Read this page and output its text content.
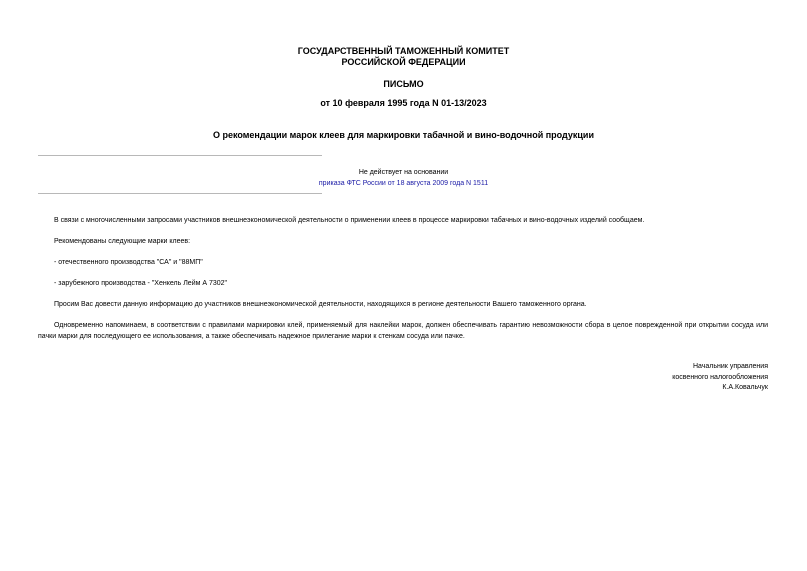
ГОСУДАРСТВЕННЫЙ ТАМОЖЕННЫЙ КОМИТЕТ
РОССИЙСКОЙ ФЕДЕРАЦИИ
ПИСЬМО
от 10 февраля 1995 года N 01-13/2023
О рекомендации марок клеев для маркировки табачной и вино-водочной продукции
Не действует на основании
приказа ФТС России от 18 августа 2009 года N 1511
В связи с многочисленными запросами участников внешнеэкономической деятельности о применении клеев в процессе маркировки табачных и вино-водочных изделий сообщаем.
Рекомендованы следующие марки клеев:
- отечественного производства "СА" и "88МП"
- зарубежного производства - "Хенкель Лейм А 7302"
Просим Вас довести данную информацию до участников внешнеэкономической деятельности, находящихся в регионе деятельности Вашего таможенного органа.
Одновременно напоминаем, в соответствии с правилами маркировки клей, применяемый для наклейки марок, должен обеспечивать гарантию невозможности сбора в целое поврежденной при открытии сосуда или пачки марки для последующего ее использования, а также обеспечивать надежное прилегание марки к стенкам сосуда или пачке.
Начальник управления
косвенного налогообложения
К.А.Ковальчук
